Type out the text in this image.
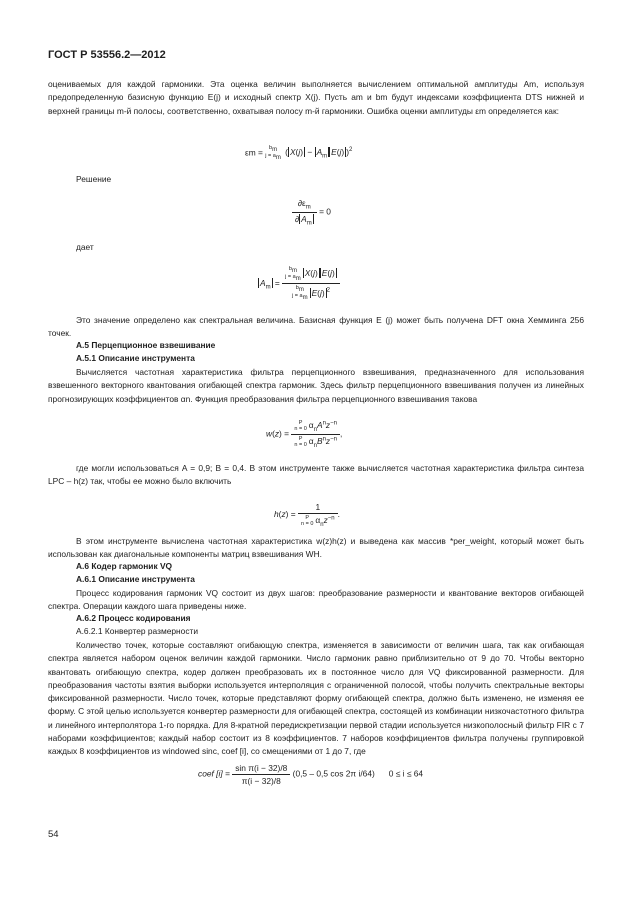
ГОСТ Р 53556.2—2012

оцениваемых для каждой гармоники. Эта оценка величин выполняется вычислением оптимальной амплитуды Am, используя предопределенную базисную функцию E(j) и исходный спектр X(j). Пусть am и bm будут индексами коэффициента DTS нижней и верхней границы m-й полосы, соответственно, охватывая полосу m-й гармоники. Ошибка оценки амплитуды εm определяется как:

$\varepsilon m = b_m$
$j = a_m$ ( $X(j) - A_m$ E(j) )$^2$

Решение

$\frac{\partial\varepsilon_m}{\partial A_m} = 0$

дает

$A_m$ =
$b_m$
$j = a_mX(j)$ E(j)
$b_m$
$j = a_mE(j)$ $^2$

Это значение определено как спектральная величина. Базисная функция E (j) может быть получена DFT окна Хемминга 256 точек.

А.5 Перцепционное взвешивание

А.5.1 Описание инструмента

Вычисляется частотная характеристика фильтра перцепционного взвешивания, предназначенного для использования взвешенного векторного квантования огибающей спектра гармоник. Здесь фильтр перцепционного взвешивания получен из линейных прогнозирующих коэффициентов αn. Функция преобразования фильтра перцепционного взвешивания такова

w(z) =
P
n = 0 $\alpha_nA^nz^{-n}$
P
n = 0 $\alpha_nB^nz^{-n}$
,

где могли использоваться A = 0,9; B = 0,4. В этом инструменте также вычисляется частотная характеристика фильтра синтеза LPC – h(z) так, чтобы ее можно было включить

h(z) =
1
P
n = 0 $\alpha_nz^{-n}$ .

В этом инструменте вычислена частотная характеристика w(z)h(z) и выведена как массив *per_weight, который может быть использован как диагональные компоненты матриц взвешивания WH.

А.6 Кодер гармоник VQ

А.6.1 Описание инструмента

Процесс кодирования гармоник VQ состоит из двух шагов: преобразование размерности и квантование векторов огибающей спектра. Операции каждого шага приведены ниже.

А.6.2 Процесс кодирования

А.6.2.1 Конвертер размерности

Количество точек, которые составляют огибающую спектра, изменяется в зависимости от величин шага, так как огибающая спектра является набором оценок величин каждой гармоники. Число гармоник равно приблизительно от 9 до 70. Чтобы векторно квантовать огибающую спектра, кодер должен преобразовать их в постоянное число для VQ фиксированной размерности. Для преобразования частоты взятия выборки используется интерполяция с ограниченной полосой, чтобы получить спектральные векторы фиксированной размерности. Число точек, которые представляют форму огибающей спектра, должно быть изменено, не изменяя ее форму. С этой целью используется конвертер размерности для огибающей спектра, состоящей из комбинации низкочастотного фильтра и линейного интерполятора 1-го порядка. Для 8-кратной передискретизации первой стадии используется низкополосный фильтр FIR с 7 наборами коэффициентов; каждый набор состоит из 8 коэффициентов. 7 наборов коэффициентов фильтра получены группировкой каждых 8 коэффициентов из windowed sinc, coef [i], со смещениями от 1 до 7, где

coef $[i] = \frac{\text{sin π(i − 32)/8}}{\pi(i - 32)/8} (0,5 - 0,5$ cos 2π i/64)      0 ≤ i ≤ 64
54
